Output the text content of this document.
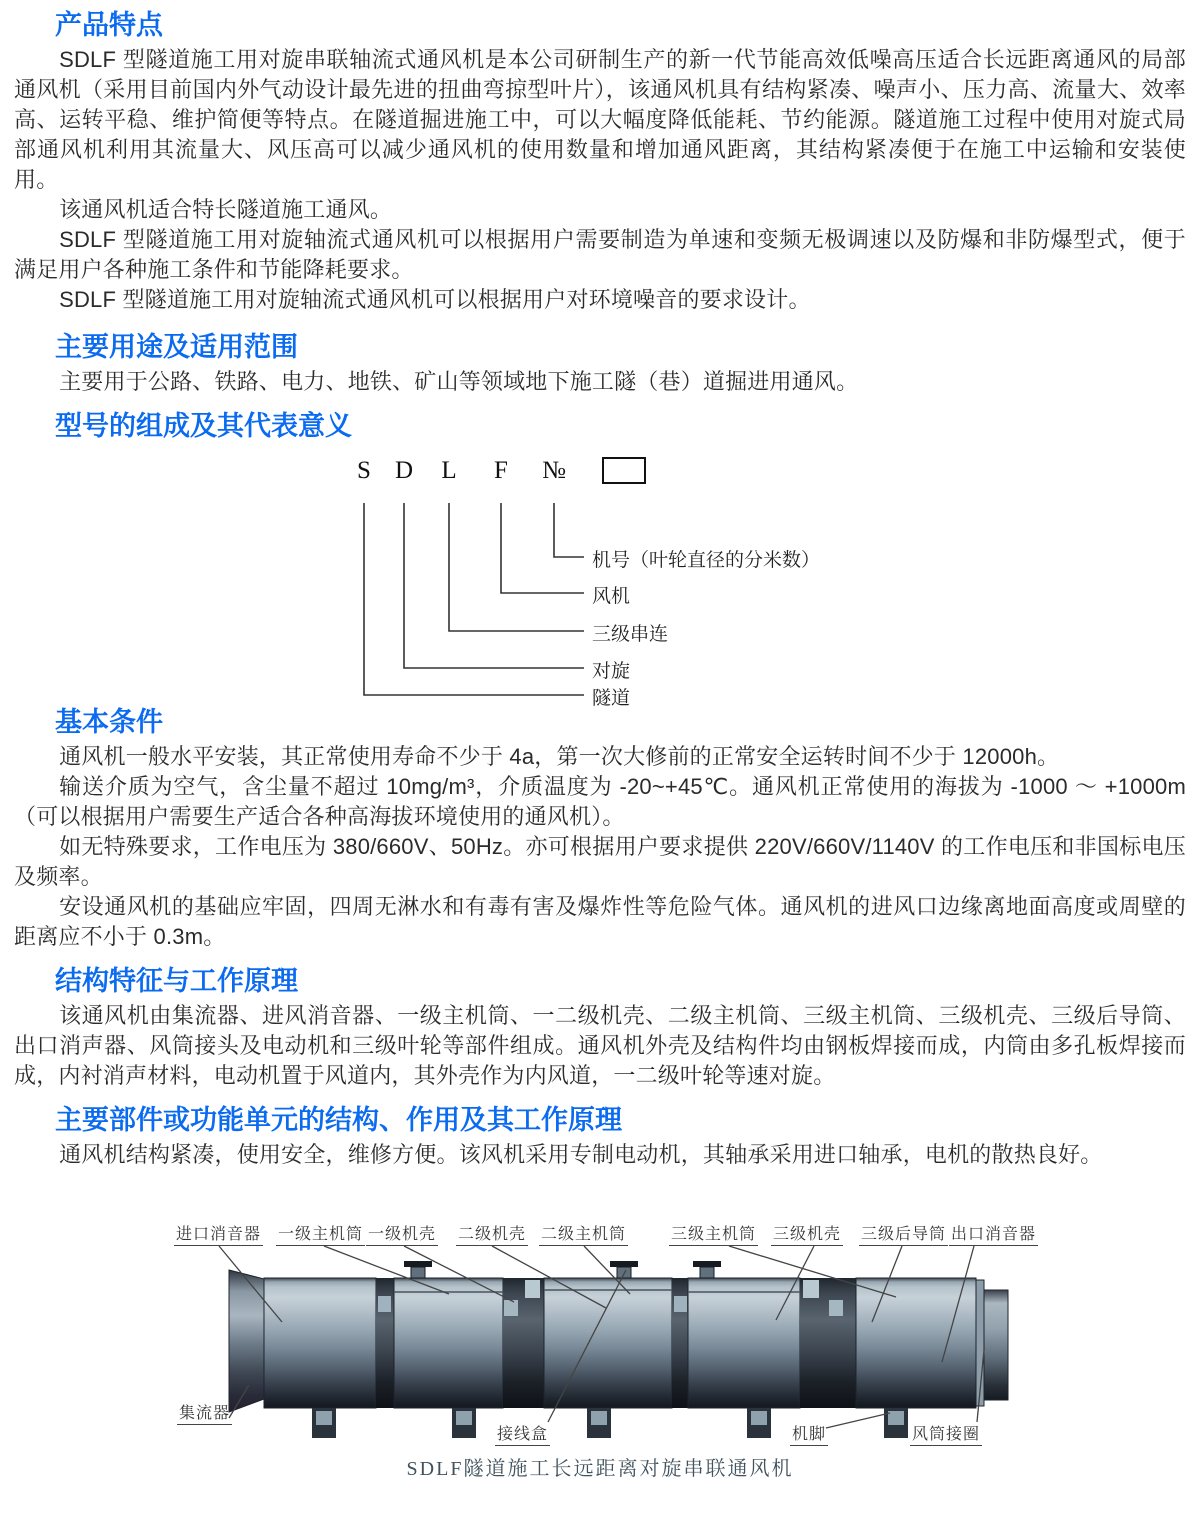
产品特点

SDLF 型隧道施工用对旋串联轴流式通风机是本公司研制生产的新一代节能高效低噪高压适合长远距离通风的局部通风机（采用目前国内外气动设计最先进的扭曲弯掠型叶片），该通风机具有结构紧凑、噪声小、压力高、流量大、效率高、运转平稳、维护简便等特点。在隧道掘进施工中，可以大幅度降低能耗、节约能源。隧道施工过程中使用对旋式局部通风机利用其流量大、风压高可以减少通风机的使用数量和增加通风距离，其结构紧凑便于在施工中运输和安装使用。

该通风机适合特长隧道施工通风。

SDLF 型隧道施工用对旋轴流式通风机可以根据用户需要制造为单速和变频无极调速以及防爆和非防爆型式，便于满足用户各种施工条件和节能降耗要求。

SDLF 型隧道施工用对旋轴流式通风机可以根据用户对环境噪音的要求设计。

主要用途及适用范围

主要用于公路、铁路、电力、地铁、矿山等领域地下施工隧（巷）道掘进用通风。

型号的组成及其代表意义
S D	L	F	№
机号（叶轮直径的分米数）
风机
三级串连
对旋
隧道
基本条件

通风机一般水平安装，其正常使用寿命不少于 4a，第一次大修前的正常安全运转时间不少于 12000h。

输送介质为空气，含尘量不超过 10mg/m³，介质温度为 -20~+45℃。通风机正常使用的海拔为 -1000 ～ +1000m（可以根据用户需要生产适合各种高海拔环境使用的通风机）。

如无特殊要求，工作电压为 380/660V、50Hz。亦可根据用户要求提供 220V/660V/1140V 的工作电压和非国标电压及频率。

安设通风机的基础应牢固，四周无淋水和有毒有害及爆炸性等危险气体。通风机的进风口边缘离地面高度或周壁的距离应不小于 0.3m。

结构特征与工作原理

该通风机由集流器、进风消音器、一级主机筒、一二级机壳、二级主机筒、三级主机筒、三级机壳、三级后导筒、出口消声器、风筒接头及电动机和三级叶轮等部件组成。通风机外壳及结构件均由钢板焊接而成，内筒由多孔板焊接而成，内衬消声材料，电动机置于风道内，其外壳作为内风道，一二级叶轮等速对旋。

主要部件或功能单元的结构、作用及其工作原理

通风机结构紧凑，使用安全，维修方便。该风机采用专制电动机，其轴承采用进口轴承，电机的散热良好。

进口消音器 一级主机筒 一级机壳 二级机壳 二级主机筒	三级主机筒 三级机壳 三级后导筒 出口消音器
集流器
接线盒	机脚	风筒接圈
SDLF隧道施工长远距离对旋串联通风机
